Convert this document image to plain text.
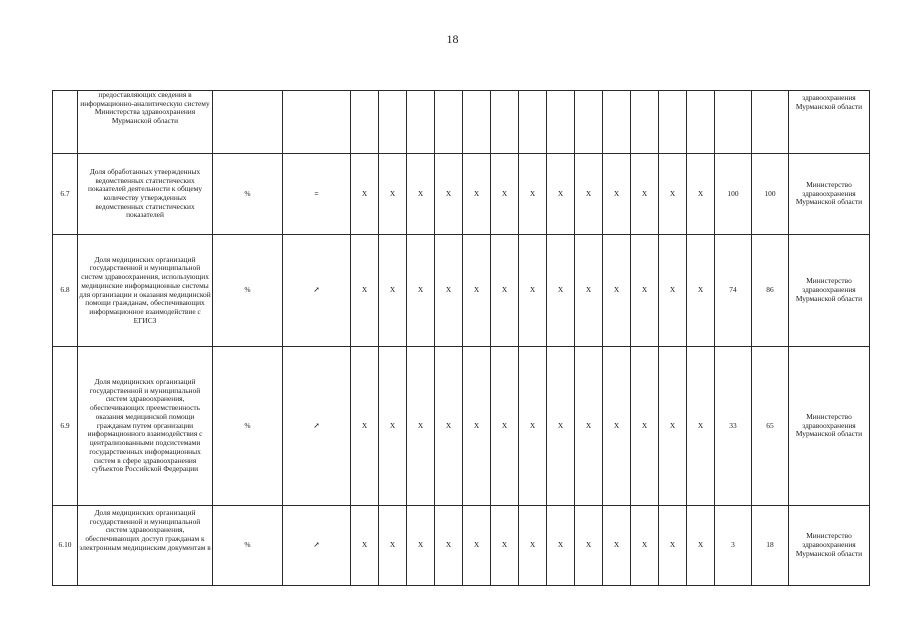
18
	предоставляющих сведения в информационно-аналитическую систему Министерства здравоохранения Мурманской области																		здравоохранения Мурманской области
6.7	Доля обработанных утвержденных ведомственных статистических показателей деятельности к общему количеству утвержденных ведомственных статистических показателей	%	=	X	X	X	X	X	X	X	X	X	X	X	X	X	100	100	Министерство здравоохранения Мурманской области
6.8	Доля медицинских организаций государственной и муниципальной систем здравоохранения, использующих медицинские информационные системы для организации и оказания медицинской помощи гражданам, обеспечивающих информационное взаимодействие с ЕГИСЗ	%	↗	X	X	X	X	X	X	X	X	X	X	X	X	X	74	86	Министерство здравоохранения Мурманской области
6.9	Доля медицинских организаций государственной и муниципальной систем здравоохранения, обеспечивающих преемственность оказания медицинской помощи гражданам путем организации информационного взаимодействия с централизованными подсистемами государственных информационных систем в сфере здравоохранения субъектов Российской Федерации	%	↗	X	X	X	X	X	X	X	X	X	X	X	X	X	33	65	Министерство здравоохранения Мурманской области
6.10	Доля медицинских организаций государственной и муниципальной систем здравоохранения, обеспечивающих доступ гражданам к электронным медицинским документам в	%	↗	X	X	X	X	X	X	X	X	X	X	X	X	X	3	18	Министерство здравоохранения Мурманской области
